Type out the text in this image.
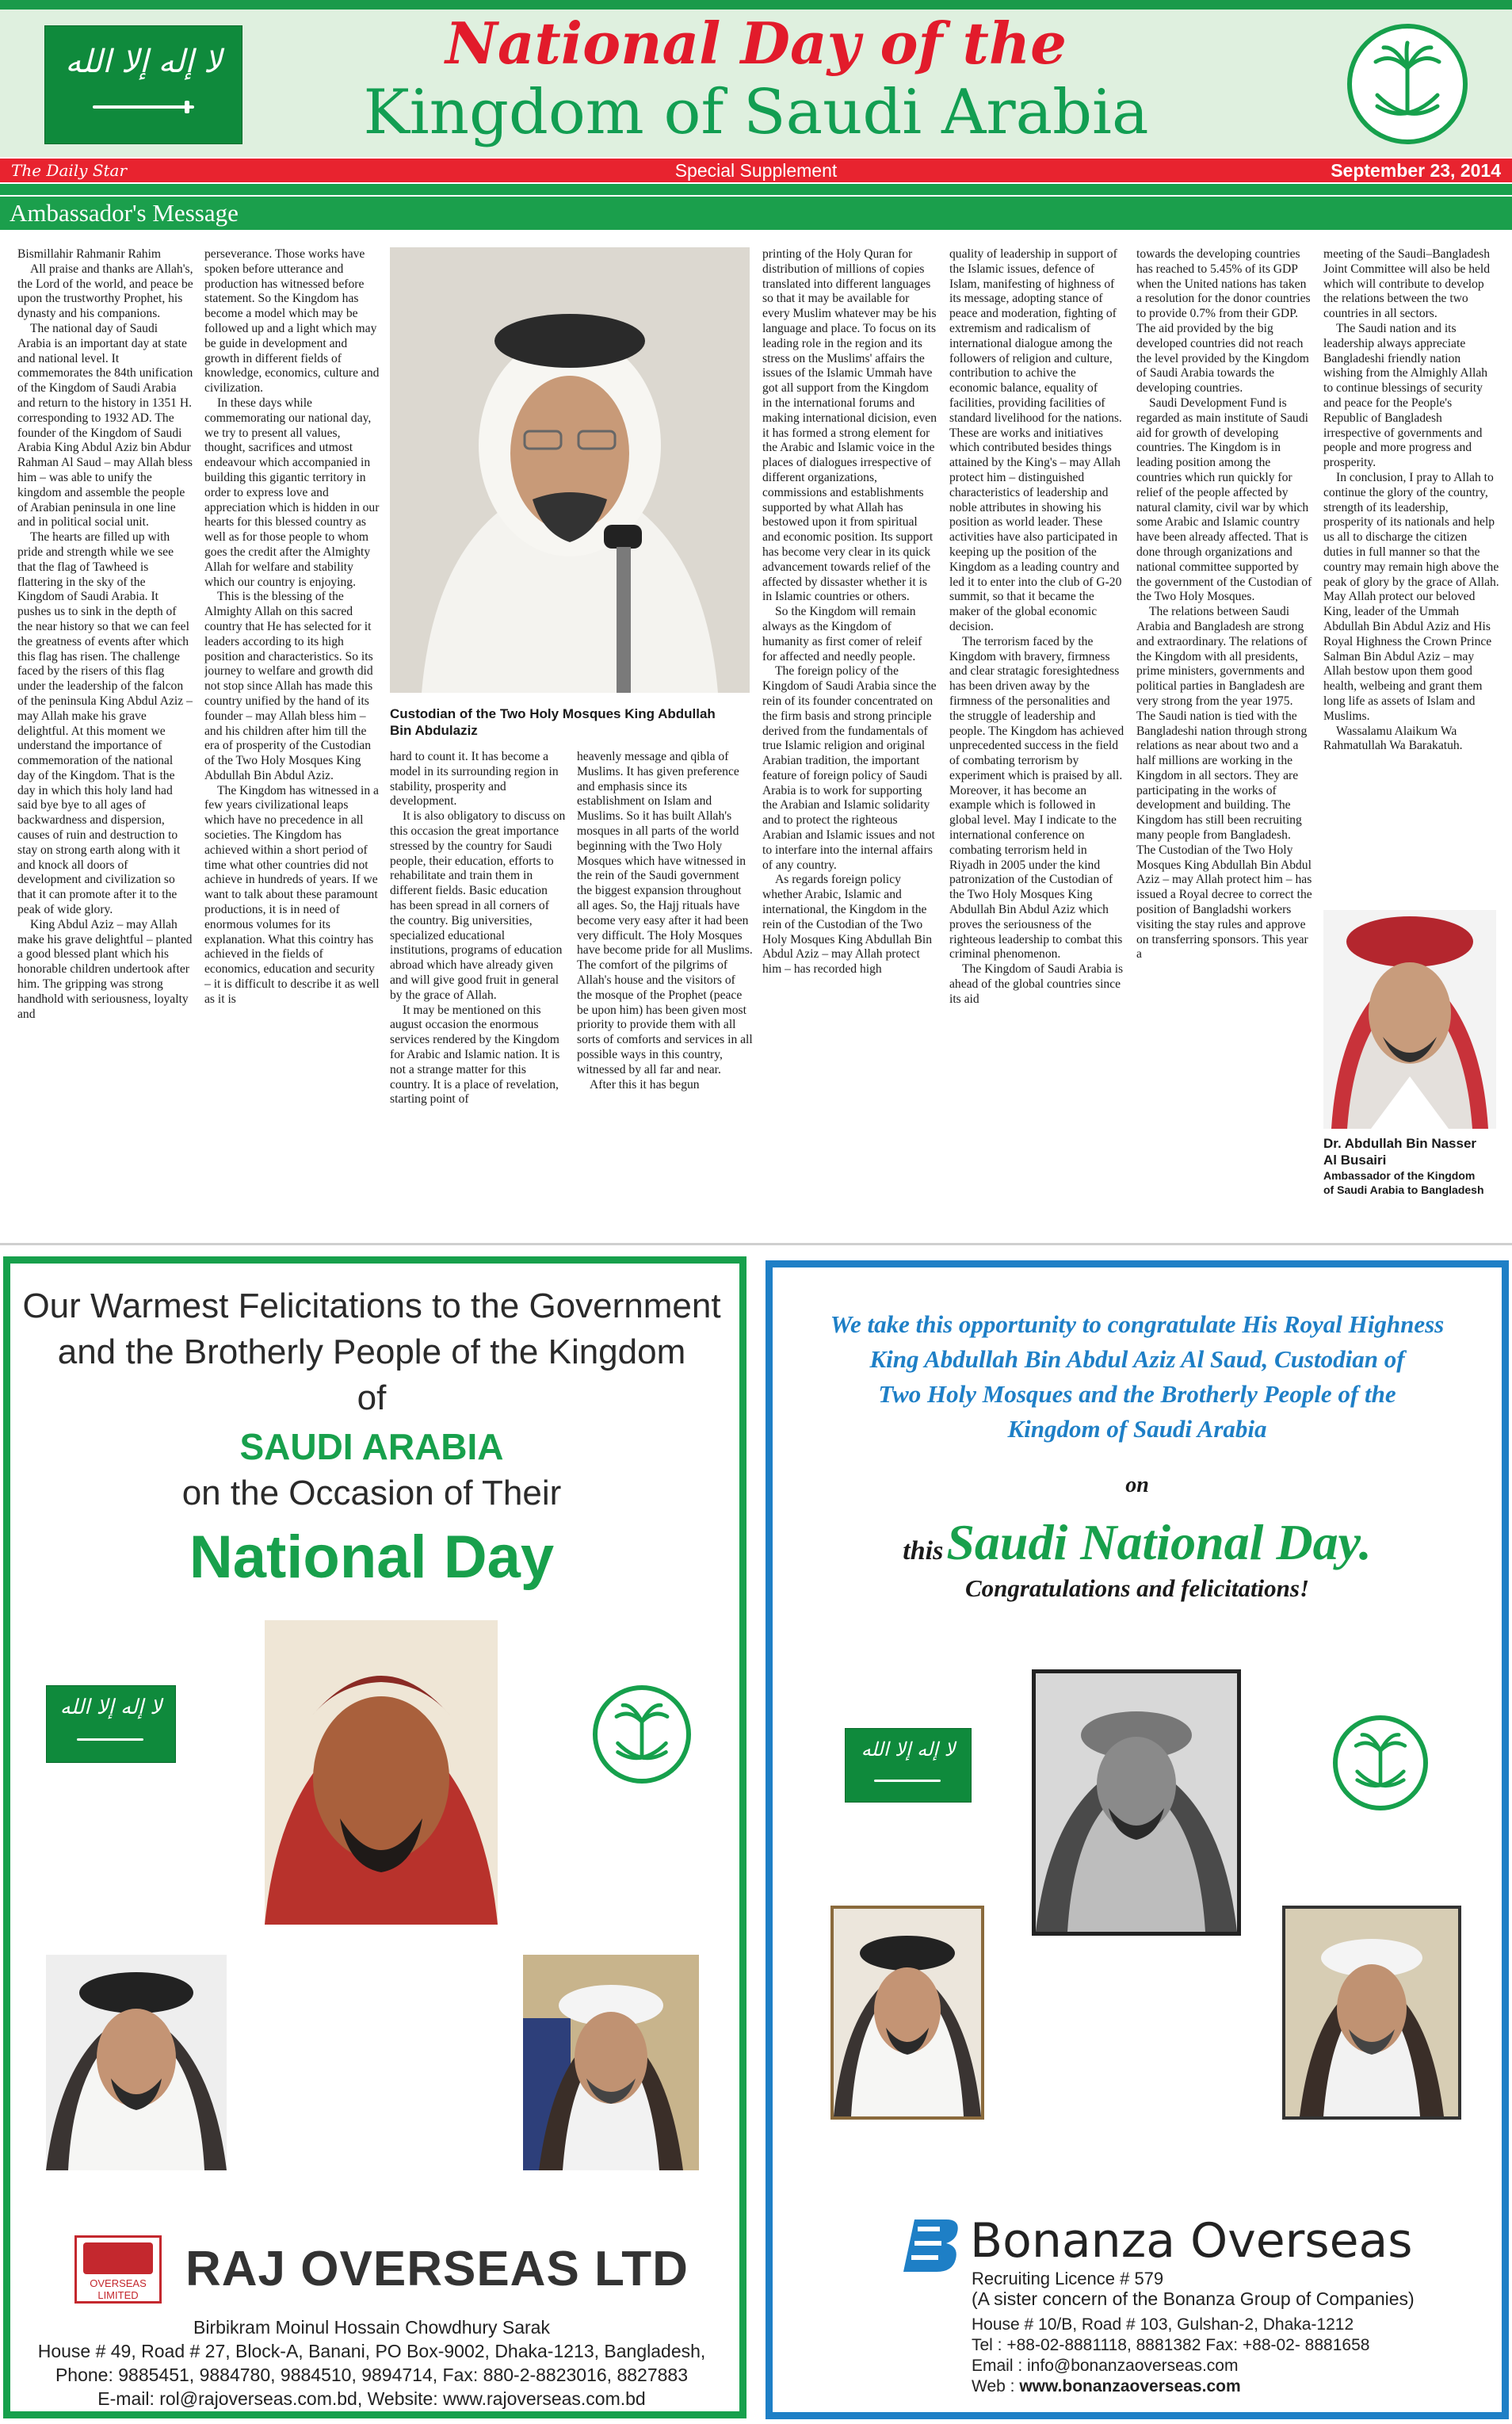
ﻻ إله إلا الله	National Day of the
Kingdom of Saudi Arabia
The Daily Star	Special Supplement	September 23, 2014
Ambassador's Message

Bismillahir Rahmanir Rahim

All praise and thanks are Allah's, the Lord of the world, and peace be upon the trustworthy Prophet, his dynasty and his companions.

The national day of Saudi Arabia is an important day at state and national level. It commemorates the 84th unification of the Kingdom of Saudi Arabia and return to the history in 1351 H. corresponding to 1932 AD. The founder of the Kingdom of Saudi Arabia King Abdul Aziz bin Abdur Rahman Al Saud – may Allah bless him – was able to unify the kingdom and assemble the people of Arabian peninsula in one line and in political social unit.

The hearts are filled up with pride and strength while we see that the flag of Tawheed is flattering in the sky of the Kingdom of Saudi Arabia. It pushes us to sink in the depth of the near history so that we can feel the greatness of events after which this flag has risen. The challenge faced by the risers of this flag under the leadership of the falcon of the peninsula King Abdul Aziz – may Allah make his grave delightful. At this moment we understand the importance of commemoration of the national day of the Kingdom. That is the day in which this holy land had said bye bye to all ages of backwardness and dispersion, causes of ruin and destruction to stay on strong earth along with it and knock all doors of development and civilization so that it can promote after it to the peak of wide glory.

King Abdul Aziz – may Allah make his grave delightful – planted a good blessed plant which his honorable children undertook after him. The gripping was strong handhold with seriousness, loyalty and

perseverance. Those works have spoken before utterance and production has witnessed before statement. So the Kingdom has become a model which may be followed up and a light which may be guide in development and growth in different fields of knowledge, economics, culture and civilization.

In these days while commemorating our national day, we try to present all values, thought, sacrifices and utmost endeavour which accompanied in building this gigantic territory in order to express love and appreciation which is hidden in our hearts for this blessed country as well as for those people to whom goes the credit after the Almighty Allah for welfare and stability which our country is enjoying.

This is the blessing of the Almighty Allah on this sacred country that He has selected for it leaders according to its high position and characteristics. So its journey to welfare and growth did not stop since Allah has made this country unified by the hand of its founder – may Allah bless him – and his children after him till the era of prosperity of the Custodian of the Two Holy Mosques King Abdullah Bin Abdul Aziz.

The Kingdom has witnessed in a few years civilizational leaps which have no precedence in all societies. The Kingdom has achieved within a short period of time what other countries did not achieve in hundreds of years. If we want to talk about these paramount productions, it is in need of enormous volumes for its explanation. What this cointry has achieved in the fields of economics, education and security – it is difficult to describe it as well as it is

Custodian of the Two Holy Mosques King Abdullah
Bin Abdulaziz

hard to count it. It has become a model in its surrounding region in stability, prosperity and development.

It is also obligatory to discuss on this occasion the great importance stressed by the country for Saudi people, their education, efforts to rehabilitate and train them in different fields. Basic education has been spread in all corners of the country. Big universities, specialized educational institutions, programs of education abroad which have already given and will give good fruit in general by the grace of Allah.

It may be mentioned on this august occasion the enormous services rendered by the Kingdom for Arabic and Islamic nation. It is not a strange matter for this country. It is a place of revelation, starting point of

heavenly message and qibla of Muslims. It has given preference and emphasis since its establishment on Islam and Muslims. So it has built Allah's mosques in all parts of the world beginning with the Two Holy Mosques which have witnessed in the rein of the Saudi government the biggest expansion throughout all ages. So, the Hajj rituals have become very easy after it had been very difficult. The Holy Mosques have become pride for all Muslims. The comfort of the pilgrims of Allah's house and the visitors of the mosque of the Prophet (peace be upon him) has been given most priority to provide them with all sorts of comforts and services in all possible ways in this country, witnessed by all far and near.

After this it has begun

printing of the Holy Quran for distribution of millions of copies translated into different languages so that it may be available for every Muslim whatever may be his language and place. To focus on its leading role in the region and its stress on the Muslims' affairs the issues of the Islamic Ummah have got all support from the Kingdom in the international forums and making international dicision, even it has formed a strong element for the Arabic and Islamic voice in the places of dialogues irrespective of different organizations, commissions and establishments supported by what Allah has bestowed upon it from spiritual and economic position. Its support has become very clear in its quick advancement towards relief of the affected by dissaster whether it is in Islamic countries or others.

So the Kingdom will remain always as the Kingdom of humanity as first comer of releif for affected and needly people.

The foreign policy of the Kingdom of Saudi Arabia since the rein of its founder concentrated on the firm basis and strong principle derived from the fundamentals of true Islamic religion and original Arabian tradition, the important feature of foreign policy of Saudi Arabia is to work for supporting the Arabian and Islamic solidarity and to protect the righteous Arabian and Islamic issues and not to interfare into the internal affairs of any country.

As regards foreign policy whether Arabic, Islamic and international, the Kingdom in the rein of the Custodian of the Two Holy Mosques King Abdullah Bin Abdul Aziz – may Allah protect him – has recorded high

quality of leadership in support of the Islamic issues, defence of Islam, manifesting of highness of its message, adopting stance of peace and moderation, fighting of extremism and radicalism of international dialogue among the followers of religion and culture, contribution to achive the economic balance, equality of facilities, providing facilities of standard livelihood for the nations. These are works and initiatives which contributed besides things attained by the King's – may Allah protect him – distinguished characteristics of leadership and noble attributes in showing his position as world leader. These activities have also participated in keeping up the position of the Kingdom as a leading country and led it to enter into the club of G-20 summit, so that it became the maker of the global economic decision.

The terrorism faced by the Kingdom with bravery, firmness and clear stratagic foresightedness has been driven away by the firmness of the personalities and the struggle of leadership and people. The Kingdom has achieved unprecedented success in the field of combating terrorism by experiment which is praised by all. Moreover, it has become an example which is followed in global level. May I indicate to the international conference on combating terrorism held in Riyadh in 2005 under the kind patronization of the Custodian of the Two Holy Mosques King Abdullah Bin Abdul Aziz which proves the seriousness of the righteous leadership to combat this criminal phenomenon.

The Kingdom of Saudi Arabia is ahead of the global countries since its aid

towards the developing countries has reached to 5.45% of its GDP when the United nations has taken a resolution for the donor countries to provide 0.7% from their GDP. The aid provided by the big developed countries did not reach the level provided by the Kingdom of Saudi Arabia towards the developing countries.

Saudi Development Fund is regarded as main institute of Saudi aid for growth of developing countries. The Kingdom is in leading position among the countries which run quickly for relief of the people affected by natural clamity, civil war by which some Arabic and Islamic country have been already affected. That is done through organizations and national committee supported by the government of the Custodian of the Two Holy Mosques.

The relations between Saudi Arabia and Bangladesh are strong and extraordinary. The relations of the Kingdom with all presidents, prime ministers, governments and political parties in Bangladesh are very strong from the year 1975. The Saudi nation is tied with the Bangladeshi nation through strong relations as near about two and a half millions are working in the Kingdom in all sectors. They are participating in the works of development and building. The Kingdom has still been recruiting many people from Bangladesh. The Custodian of the Two Holy Mosques King Abdullah Bin Abdul Aziz – may Allah protect him – has issued a Royal decree to correct the position of Bangladshi workers visiting the stay rules and approve on transferring sponsors. This year a

meeting of the Saudi–Bangladesh Joint Committee will also be held which will contribute to develop the relations between the two countries in all sectors.

The Saudi nation and its leadership always appreciate Bangladeshi friendly nation wishing from the Almighly Allah to continue blessings of security and peace for the People's Republic of Bangladesh irrespective of governments and people and more progress and prosperity.

In conclusion, I pray to Allah to continue the glory of the country, strength of its leadership, prosperity of its nationals and help us all to discharge the citizen duties in full manner so that the country may remain high above the peak of glory by the grace of Allah. May Allah protect our beloved King, leader of the Ummah Abdullah Bin Abdul Aziz and His Royal Highness the Crown Prince Salman Bin Abdul Aziz – may Allah bestow upon them good health, welbeing and grant them long life as assets of Islam and Muslims.

Wassalamu Alaikum Wa Rahmatullah Wa Barakatuh.

Dr. Abdullah Bin Nasser
Al Busairi
Ambassador of the Kingdom
of Saudi Arabia to Bangladesh
Our Warmest Felicitations to the Government
and the Brotherly People of the Kingdom
of
SAUDI ARABIA
on the Occasion of Their
National Day
ﻻ إله إلا الله
OVERSEAS LIMITED RAJ OVERSEAS LTD
Birbikram Moinul Hossain Chowdhury Sarak
House # 49, Road # 27, Block-A, Banani, PO Box-9002, Dhaka-1213, Bangladesh,
Phone: 9885451, 9884780, 9884510, 9894714, Fax: 880-2-8823016, 8827883
E-mail: rol@rajoverseas.com.bd, Website: www.rajoverseas.com.bd
We take this opportunity to congratulate His Royal Highness
King Abdullah Bin Abdul Aziz Al Saud, Custodian of
Two Holy Mosques and the Brotherly People of the
Kingdom of Saudi Arabia
on
this Saudi National Day.
Congratulations and felicitations!
ﻻ إله إلا الله
Bonanza Overseas
Recruiting Licence # 579
(A sister concern of the Bonanza Group of Companies)
House # 10/B, Road # 103, Gulshan-2, Dhaka-1212
Tel : +88-02-8881118, 8881382 Fax: +88-02- 8881658
Email : info@bonanzaoverseas.com
Web : www.bonanzaoverseas.com
